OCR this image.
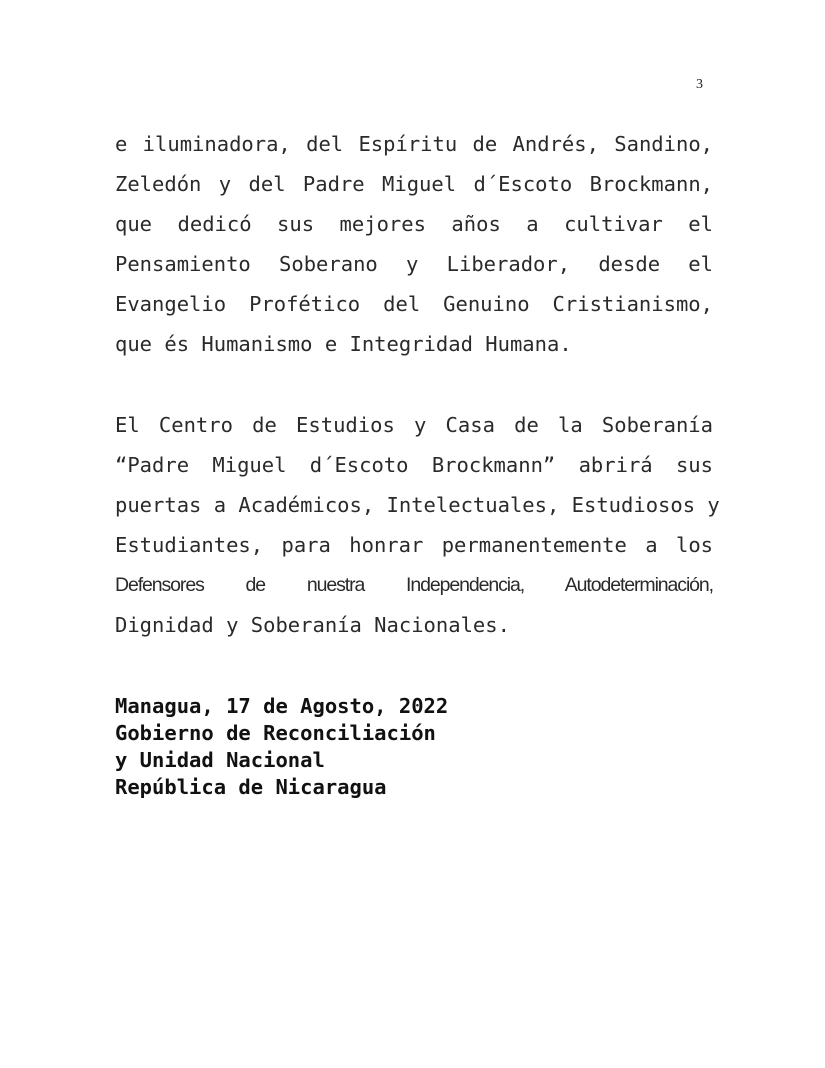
3
e iluminadora, del Espíritu de Andrés, Sandino,
Zeledón y del Padre Miguel d´Escoto Brockmann,
que dedicó sus mejores años a cultivar el
Pensamiento Soberano y Liberador, desde el
Evangelio Profético del Genuino Cristianismo,
que és Humanismo e Integridad Humana.
El Centro de Estudios y Casa de la Soberanía
“Padre Miguel d´Escoto Brockmann” abrirá sus
puertas a Académicos, Intelectuales, Estudiosos y
Estudiantes, para honrar permanentemente a los
Defensores de nuestra Independencia, Autodeterminación,
Dignidad y Soberanía Nacionales.
Managua, 17 de Agosto, 2022
Gobierno de Reconciliación
y Unidad Nacional
República de Nicaragua
